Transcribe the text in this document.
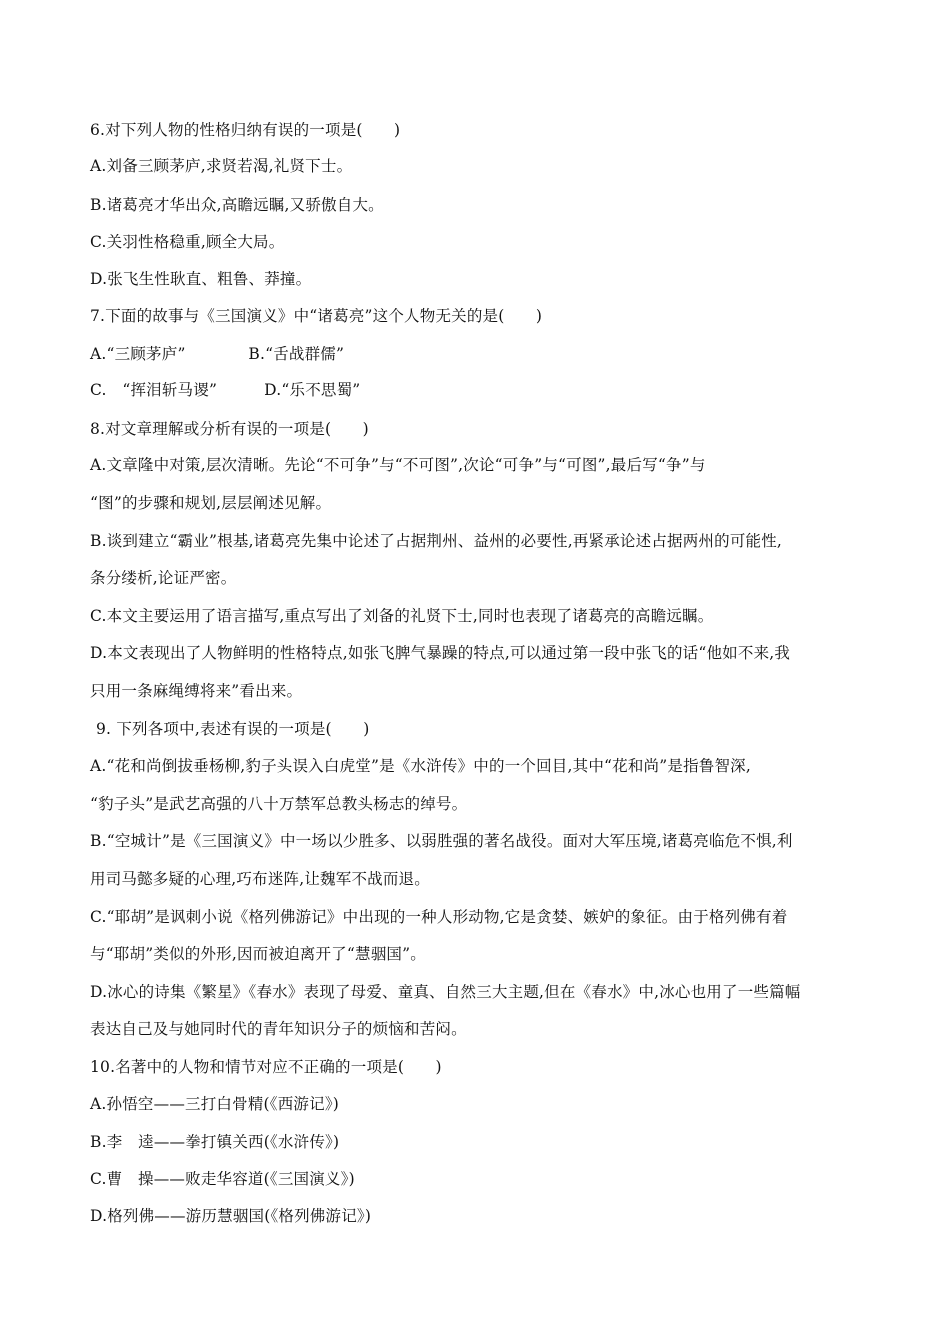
6.对下列人物的性格归纳有误的一项是(　　)
A.刘备三顾茅庐,求贤若渴,礼贤下士。
B.诸葛亮才华出众,高瞻远瞩,又骄傲自大。
C.关羽性格稳重,顾全大局。
D.张飞生性耿直、粗鲁、莽撞。
7.下面的故事与《三国演义》中“诸葛亮”这个人物无关的是(　　)
A.“三顾茅庐”　　　　B.“舌战群儒”
C.　“挥泪斩马谡”　　　D.“乐不思蜀”
8.对文章理解或分析有误的一项是(　　)
A.文章隆中对策,层次清晰。先论“不可争”与“不可图”,次论“可争”与“可图”,最后写“争”与
“图”的步骤和规划,层层阐述见解。
B.谈到建立“霸业”根基,诸葛亮先集中论述了占据荆州、益州的必要性,再紧承论述占据两州的可能性,
条分缕析,论证严密。
C.本文主要运用了语言描写,重点写出了刘备的礼贤下士,同时也表现了诸葛亮的高瞻远瞩。
D.本文表现出了人物鲜明的性格特点,如张飞脾气暴躁的特点,可以通过第一段中张飞的话“他如不来,我
只用一条麻绳缚将来”看出来。
9. 下列各项中,表述有误的一项是(　　)
A.“花和尚倒拔垂杨柳,豹子头误入白虎堂”是《水浒传》中的一个回目,其中“花和尚”是指鲁智深,
“豹子头”是武艺高强的八十万禁军总教头杨志的绰号。
B.“空城计”是《三国演义》中一场以少胜多、以弱胜强的著名战役。面对大军压境,诸葛亮临危不惧,利
用司马懿多疑的心理,巧布迷阵,让魏军不战而退。
C.“耶胡”是讽刺小说《格列佛游记》中出现的一种人形动物,它是贪婪、嫉妒的象征。由于格列佛有着
与“耶胡”类似的外形,因而被迫离开了“慧骃国”。
D.冰心的诗集《繁星》《春水》表现了母爱、童真、自然三大主题,但在《春水》中,冰心也用了一些篇幅
表达自己及与她同时代的青年知识分子的烦恼和苦闷。
10.名著中的人物和情节对应不正确的一项是(　　)
A.孙悟空——三打白骨精(《西游记》)
B.李　逵——拳打镇关西(《水浒传》)
C.曹　操——败走华容道(《三国演义》)
D.格列佛——游历慧骃国(《格列佛游记》)
